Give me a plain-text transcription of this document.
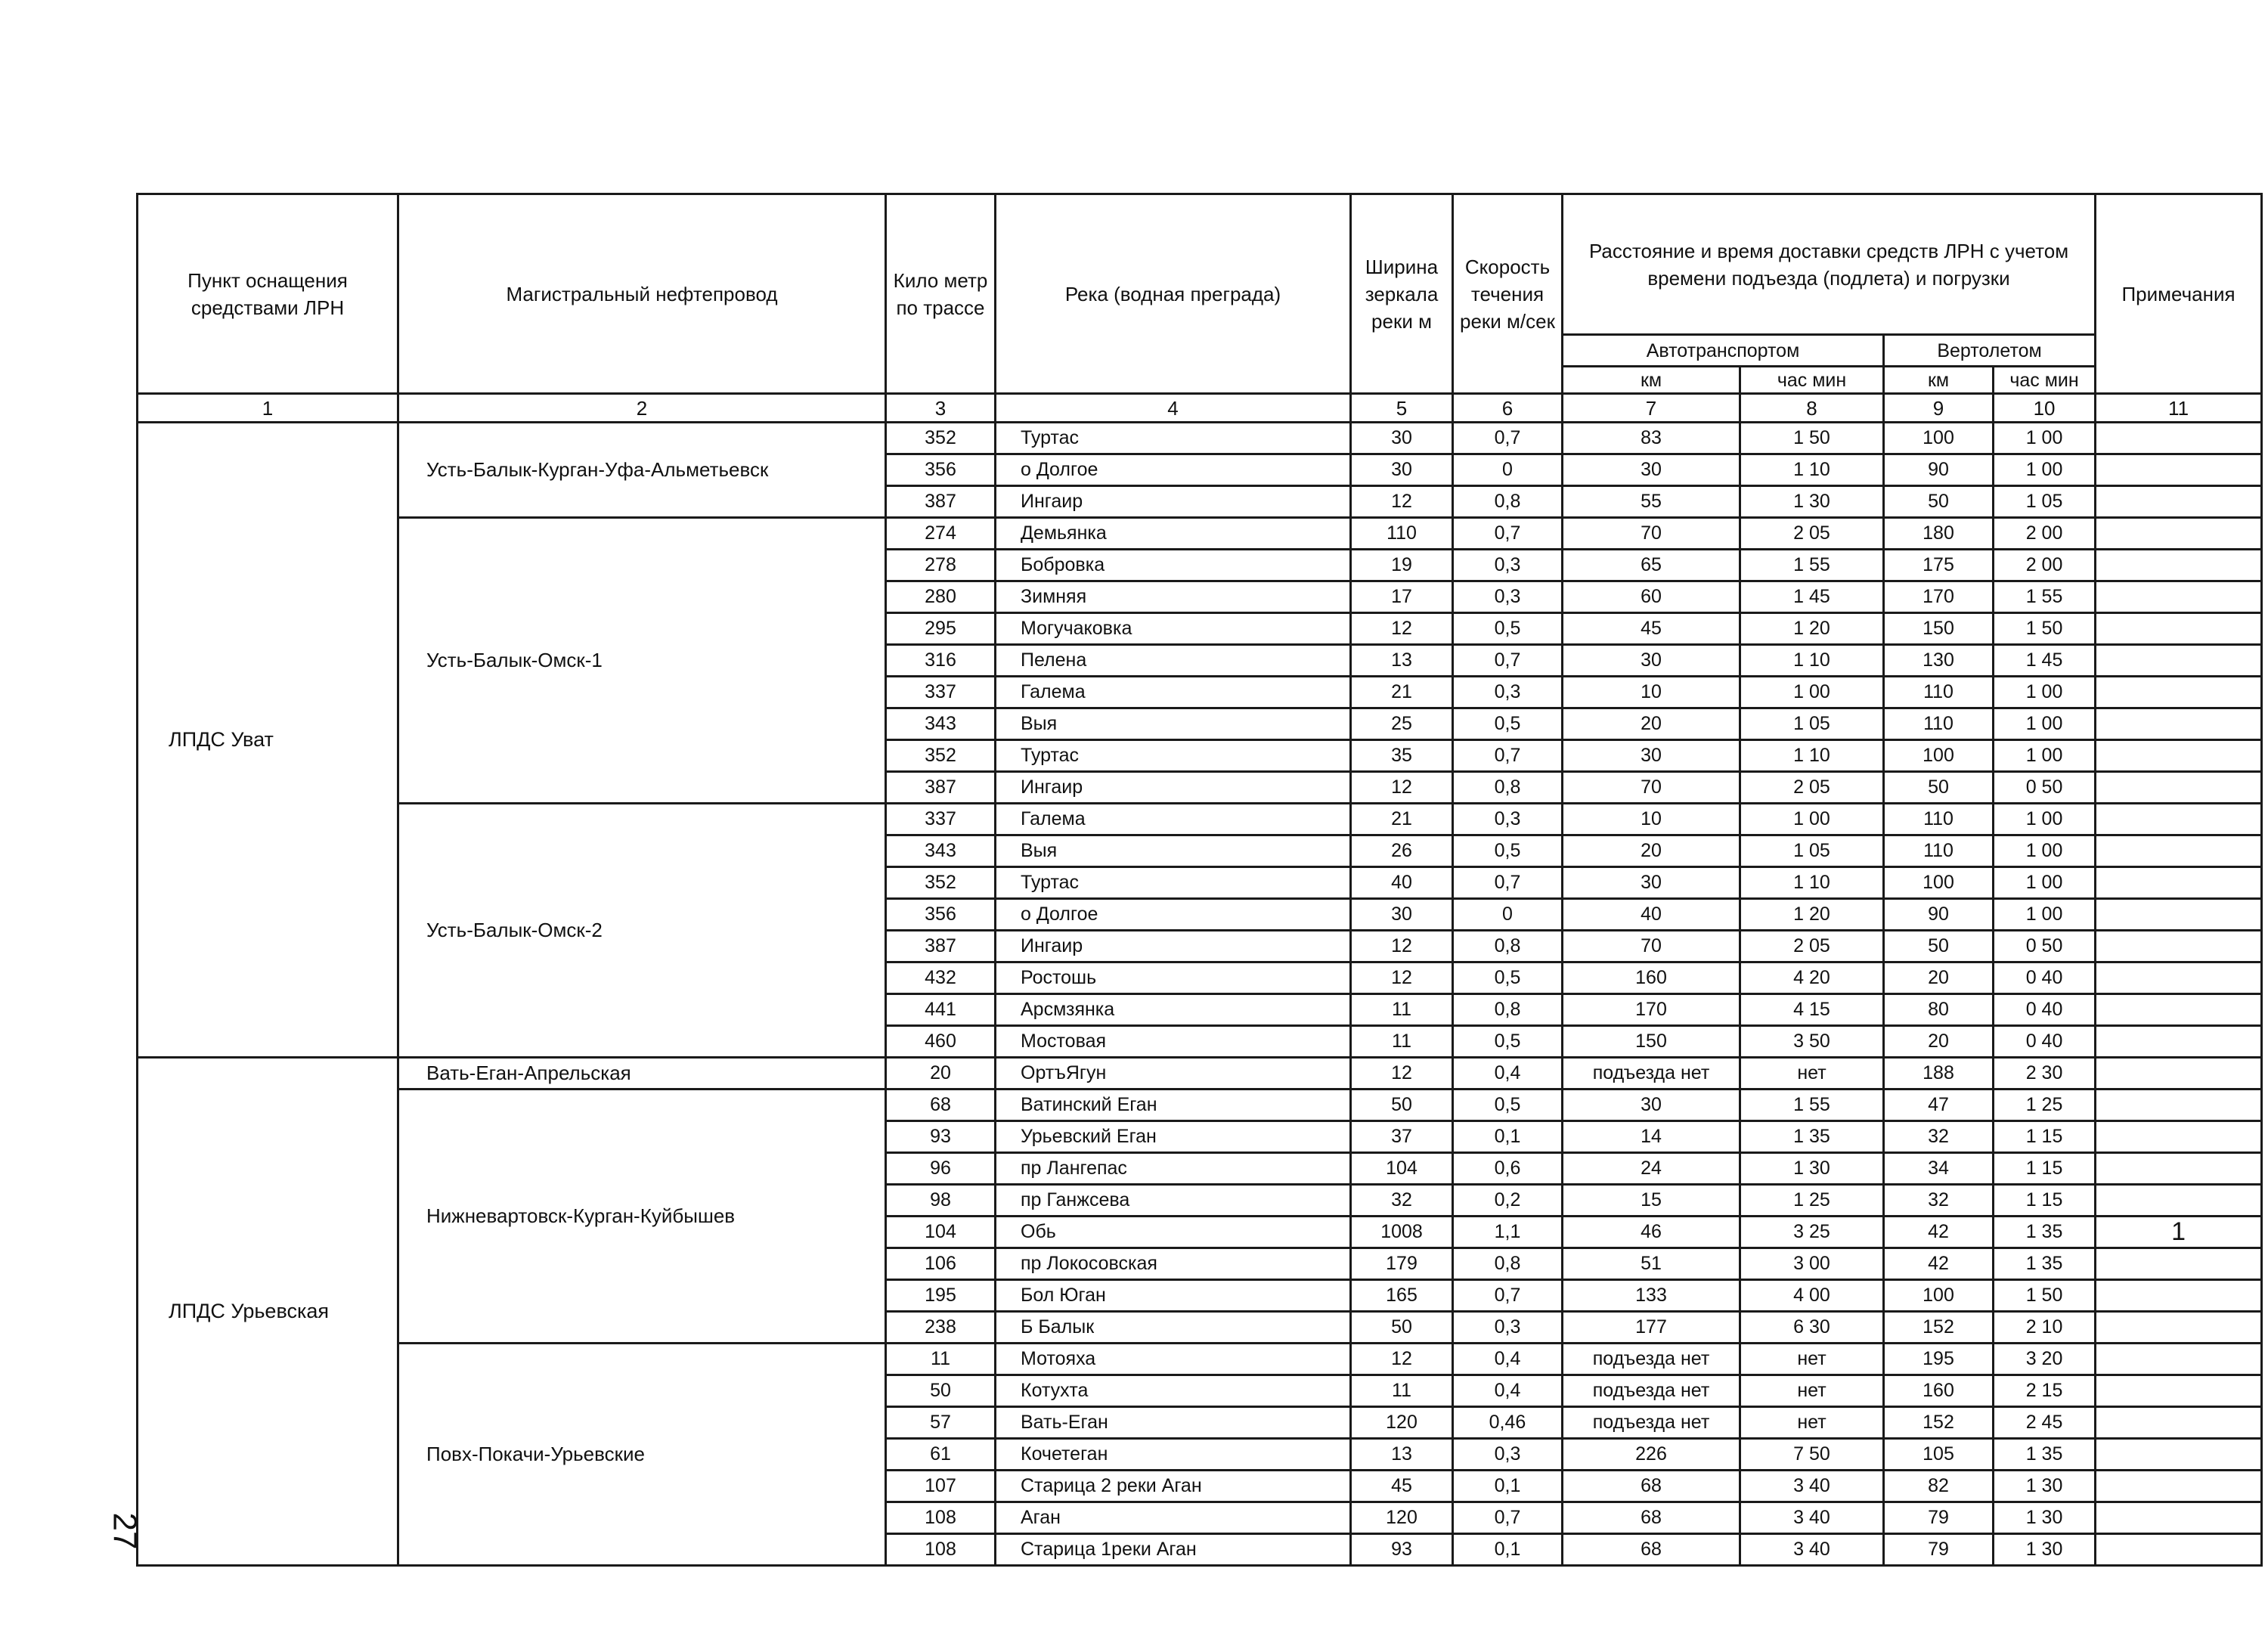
Пункт оснащения средствами ЛРН	Магистральный нефтепровод	Кило метр по трассе	Река (водная преграда)	Ширина зеркала реки м	Скорость течения реки м/сек	Расстояние и время доставки средств ЛРН с учетом времени подъезда (подлета) и погрузки				Примечания
						Автотранспортом		Вертолетом		
						км	час мин	км	час мин	
1	2	3	4	5	6	7	8	9	10	11
ЛПДС Уват	Усть-Балык-Курган-Уфа-Альметьевск	352	Туртас	30	0,7	83	1 50	100	1 00	
		356	о Долгое	30	0	30	1 10	90	1 00	
		387	Ингаир	12	0,8	55	1 30	50	1 05	
	Усть-Балык-Омск-1	274	Демьянка	110	0,7	70	2 05	180	2 00	
		278	Бобровка	19	0,3	65	1 55	175	2 00	
		280	Зимняя	17	0,3	60	1 45	170	1 55	
		295	Могучаковка	12	0,5	45	1 20	150	1 50	
		316	Пелена	13	0,7	30	1 10	130	1 45	
		337	Галема	21	0,3	10	1 00	110	1 00	
		343	Выя	25	0,5	20	1 05	110	1 00	
		352	Туртас	35	0,7	30	1 10	100	1 00	
		387	Ингаир	12	0,8	70	2 05	50	0 50	
	Усть-Балык-Омск-2	337	Галема	21	0,3	10	1 00	110	1 00	
		343	Выя	26	0,5	20	1 05	110	1 00	
		352	Туртас	40	0,7	30	1 10	100	1 00	
		356	о Долгое	30	0	40	1 20	90	1 00	
		387	Ингаир	12	0,8	70	2 05	50	0 50	
		432	Ростошь	12	0,5	160	4 20	20	0 40	
		441	Арсмзянка	11	0,8	170	4 15	80	0 40	
		460	Мостовая	11	0,5	150	3 50	20	0 40	
ЛПДС Урьевская	Вать-Еган-Апрельская	20	ОртъЯгун	12	0,4	подъезда нет	нет	188	2 30	
	Нижневартовск-Курган-Куйбышев	68	Ватинский Еган	50	0,5	30	1 55	47	1 25	
		93	Урьевский Еган	37	0,1	14	1 35	32	1 15	
		96	пр Лангепас	104	0,6	24	1 30	34	1 15	
		98	пр Ганжсева	32	0,2	15	1 25	32	1 15	
		104	Обь	1008	1,1	46	3 25	42	1 35	1
		106	пр Локосовская	179	0,8	51	3 00	42	1 35	
		195	Бол Юган	165	0,7	133	4 00	100	1 50	
		238	Б Балык	50	0,3	177	6 30	152	2 10	
	Повх-Покачи-Урьевские	11	Мотояха	12	0,4	подъезда нет	нет	195	3 20	
		50	Котухта	11	0,4	подъезда нет	нет	160	2 15	
		57	Вать-Еган	120	0,46	подъезда нет	нет	152	2 45	
		61	Кочетеган	13	0,3	226	7 50	105	1 35	
		107	Старица 2 реки Аган	45	0,1	68	3 40	82	1 30	
		108	Аган	120	0,7	68	3 40	79	1 30	
		108	Старица 1реки Аган	93	0,1	68	3 40	79	1 30	
27
